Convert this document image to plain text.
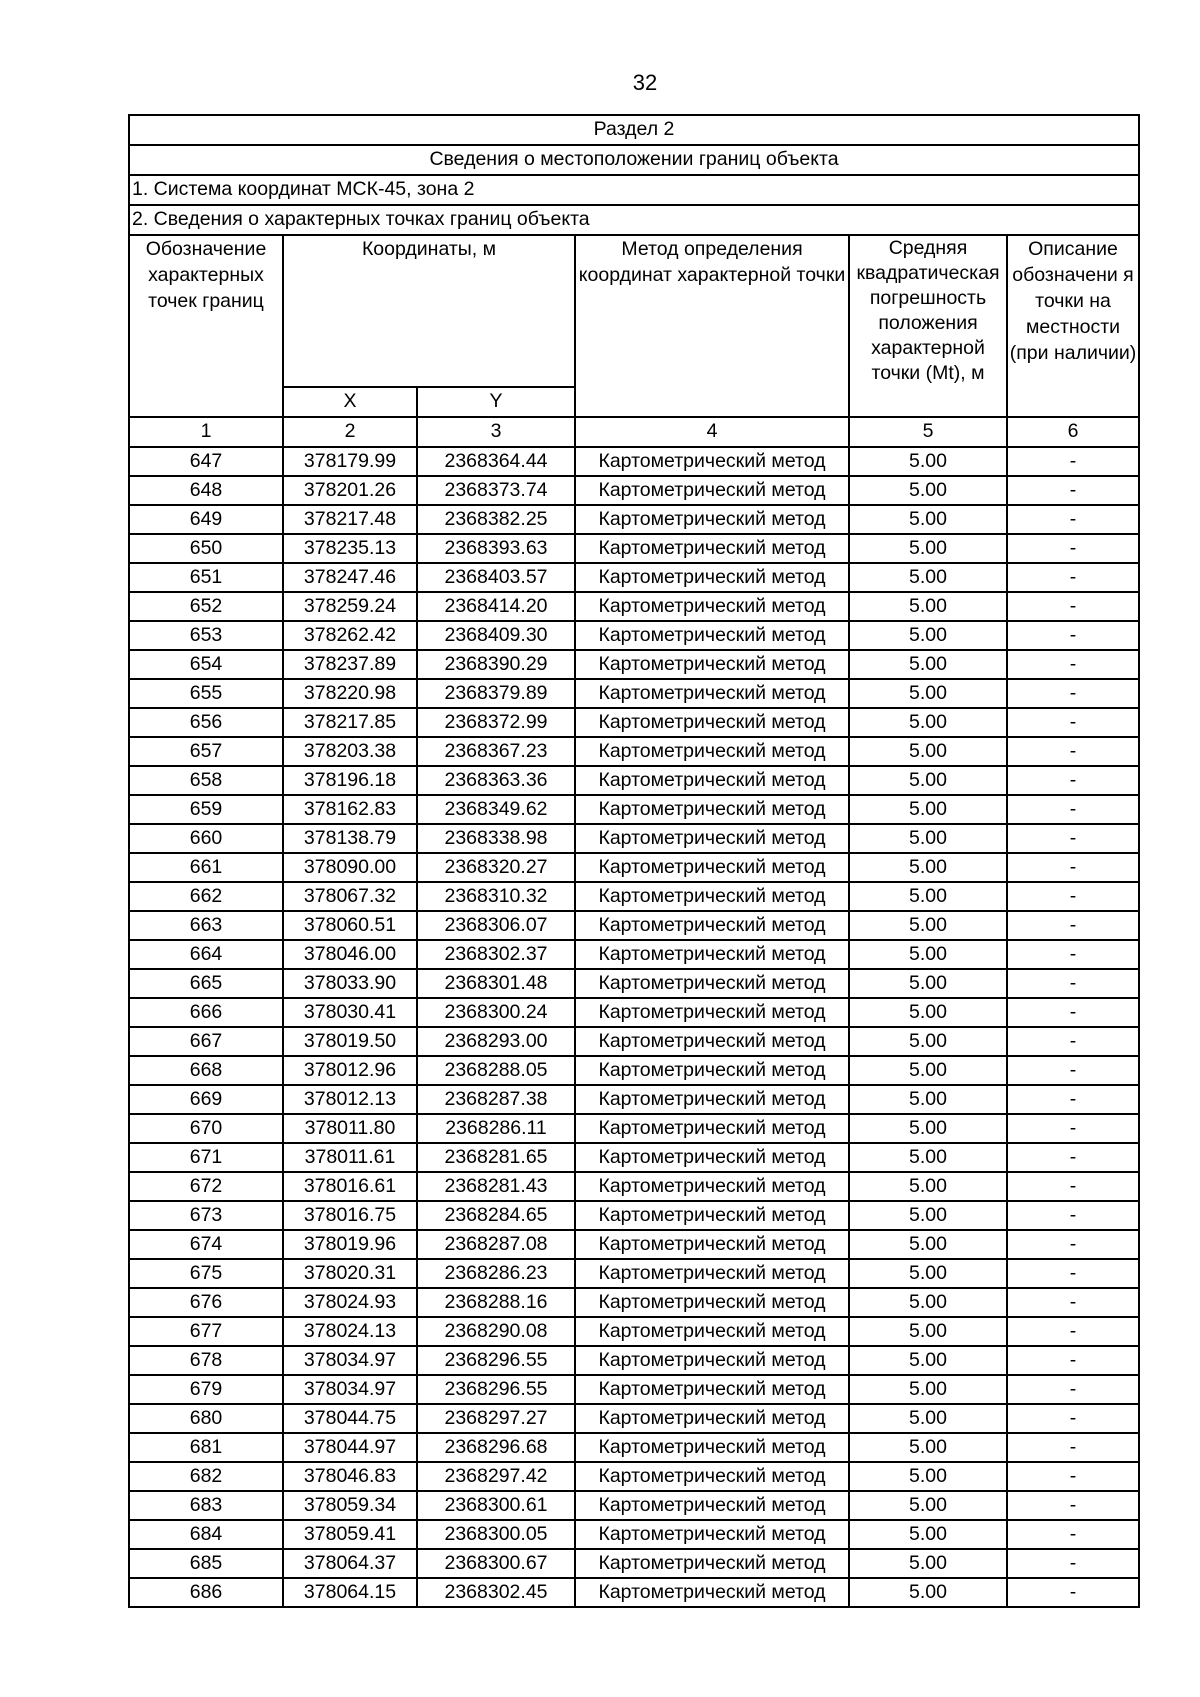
32
Раздел 2					
Сведения о местоположении границ объекта					
1. Система координат МСК-45, зона 2					
2. Сведения о характерных точках границ объекта					
Обозначение характерных точек границ	Координаты, м		Метод определения координат характерной точки	Средняя квадратическая погрешность положения характерной точки (Mt), м	Описание обозначени я точки на местности (при наличии)
	X	Y			
1	2	3	4	5	6
647	378179.99	2368364.44	Картометрический метод	5.00	-
648	378201.26	2368373.74	Картометрический метод	5.00	-
649	378217.48	2368382.25	Картометрический метод	5.00	-
650	378235.13	2368393.63	Картометрический метод	5.00	-
651	378247.46	2368403.57	Картометрический метод	5.00	-
652	378259.24	2368414.20	Картометрический метод	5.00	-
653	378262.42	2368409.30	Картометрический метод	5.00	-
654	378237.89	2368390.29	Картометрический метод	5.00	-
655	378220.98	2368379.89	Картометрический метод	5.00	-
656	378217.85	2368372.99	Картометрический метод	5.00	-
657	378203.38	2368367.23	Картометрический метод	5.00	-
658	378196.18	2368363.36	Картометрический метод	5.00	-
659	378162.83	2368349.62	Картометрический метод	5.00	-
660	378138.79	2368338.98	Картометрический метод	5.00	-
661	378090.00	2368320.27	Картометрический метод	5.00	-
662	378067.32	2368310.32	Картометрический метод	5.00	-
663	378060.51	2368306.07	Картометрический метод	5.00	-
664	378046.00	2368302.37	Картометрический метод	5.00	-
665	378033.90	2368301.48	Картометрический метод	5.00	-
666	378030.41	2368300.24	Картометрический метод	5.00	-
667	378019.50	2368293.00	Картометрический метод	5.00	-
668	378012.96	2368288.05	Картометрический метод	5.00	-
669	378012.13	2368287.38	Картометрический метод	5.00	-
670	378011.80	2368286.11	Картометрический метод	5.00	-
671	378011.61	2368281.65	Картометрический метод	5.00	-
672	378016.61	2368281.43	Картометрический метод	5.00	-
673	378016.75	2368284.65	Картометрический метод	5.00	-
674	378019.96	2368287.08	Картометрический метод	5.00	-
675	378020.31	2368286.23	Картометрический метод	5.00	-
676	378024.93	2368288.16	Картометрический метод	5.00	-
677	378024.13	2368290.08	Картометрический метод	5.00	-
678	378034.97	2368296.55	Картометрический метод	5.00	-
679	378034.97	2368296.55	Картометрический метод	5.00	-
680	378044.75	2368297.27	Картометрический метод	5.00	-
681	378044.97	2368296.68	Картометрический метод	5.00	-
682	378046.83	2368297.42	Картометрический метод	5.00	-
683	378059.34	2368300.61	Картометрический метод	5.00	-
684	378059.41	2368300.05	Картометрический метод	5.00	-
685	378064.37	2368300.67	Картометрический метод	5.00	-
686	378064.15	2368302.45	Картометрический метод	5.00	-
